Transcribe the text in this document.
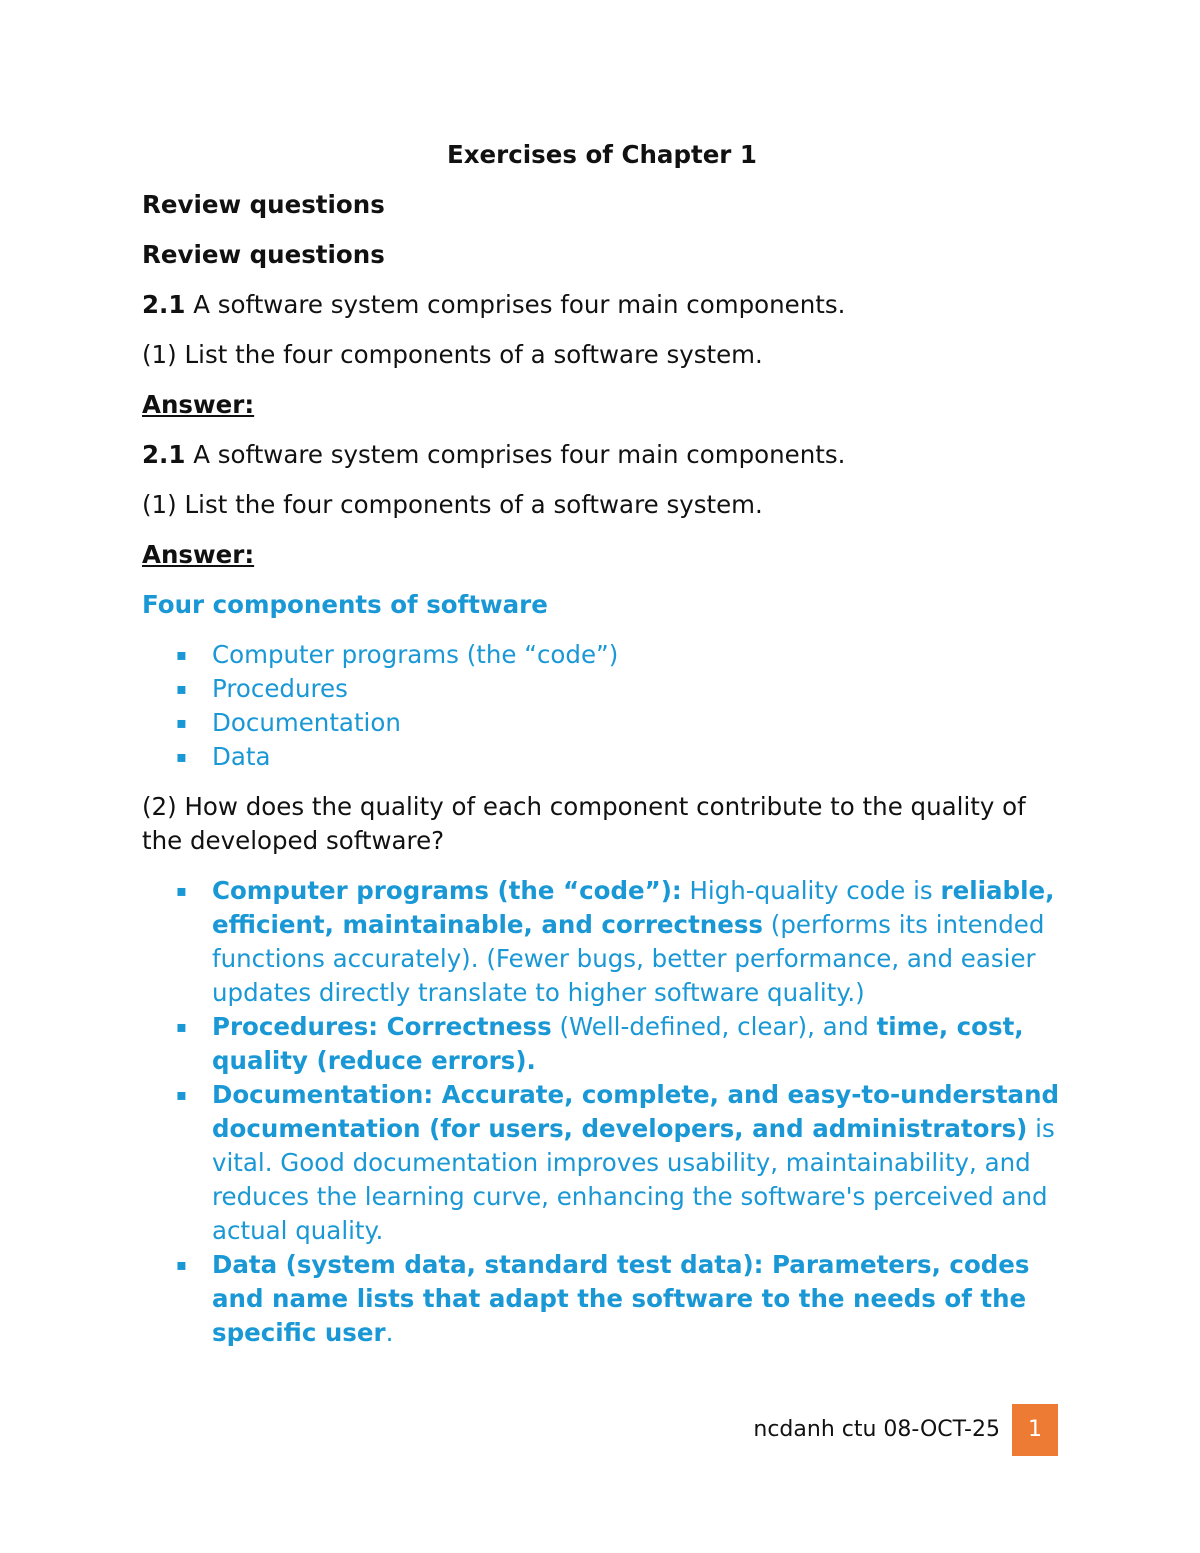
Exercises of Chapter 1

Review questions

Review questions

2.1 A software system comprises four main components.

(1) List the four components of a software system.

Answer:

2.1 A software system comprises four main components.

(1) List the four components of a software system.

Answer:

Four components of software

▪ Computer programs (the “code”)
▪ Procedures
▪ Documentation
▪ Data

(2) How does the quality of each component contribute to the quality of the developed software?

▪ Computer programs (the “code”): High-quality code is reliable, efficient, maintainable, and correctness (performs its intended functions accurately). (Fewer bugs, better performance, and easier updates directly translate to higher software quality.)
▪ Procedures: Correctness (Well-defined, clear), and time, cost, quality (reduce errors).
▪ Documentation: Accurate, complete, and easy-to-understand documentation (for users, developers, and administrators) is vital. Good documentation improves usability, maintainability, and reduces the learning curve, enhancing the software's perceived and actual quality.
▪ Data (system data, standard test data): Parameters, codes and name lists that adapt the software to the needs of the specific user.
ncdanh ctu 08-OCT-25	1
